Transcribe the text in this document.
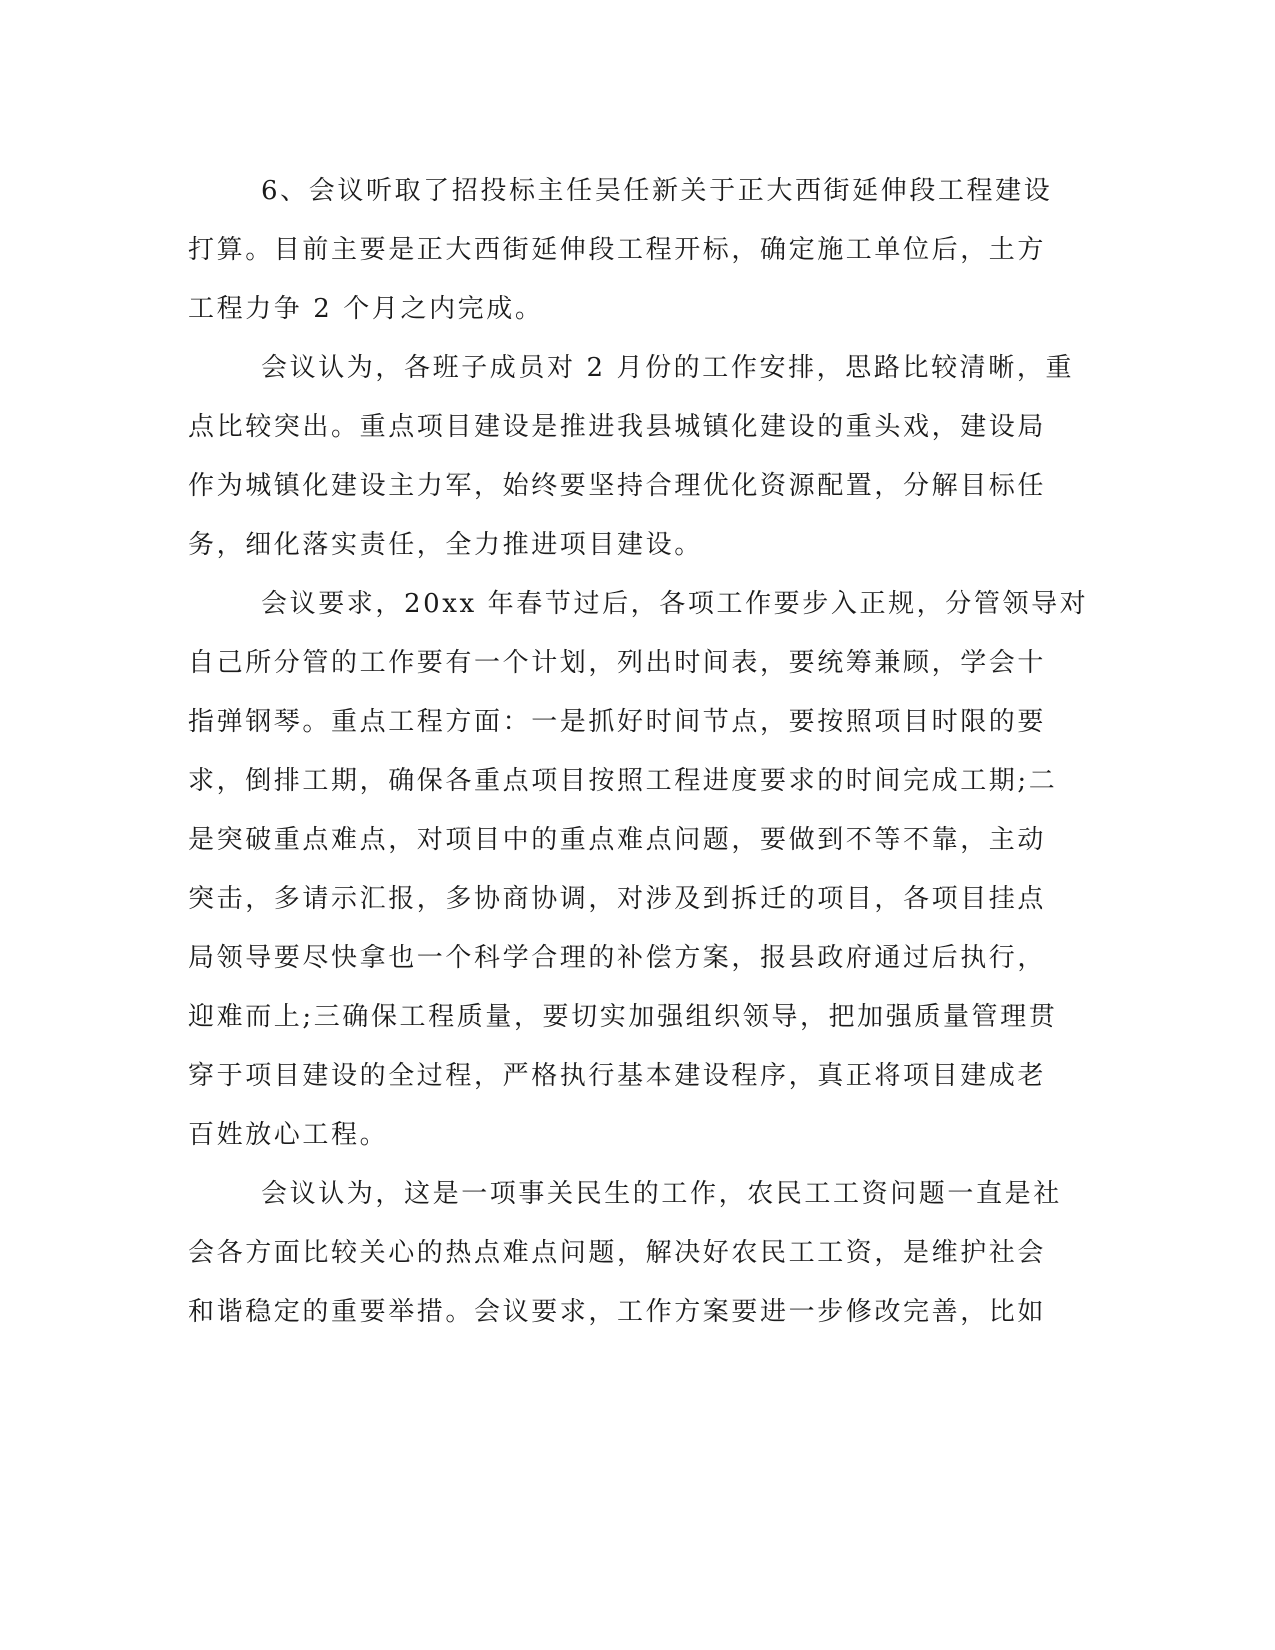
6、会议听取了招投标主任吴任新关于正大西街延伸段工程建设
打算。目前主要是正大西街延伸段工程开标，确定施工单位后，土方
工程力争 2 个月之内完成。
会议认为，各班子成员对 2 月份的工作安排，思路比较清晰，重
点比较突出。重点项目建设是推进我县城镇化建设的重头戏，建设局
作为城镇化建设主力军，始终要坚持合理优化资源配置，分解目标任
务，细化落实责任，全力推进项目建设。
会议要求，20xx 年春节过后，各项工作要步入正规，分管领导对
自己所分管的工作要有一个计划，列出时间表，要统筹兼顾，学会十
指弹钢琴。重点工程方面：一是抓好时间节点，要按照项目时限的要
求，倒排工期，确保各重点项目按照工程进度要求的时间完成工期;二
是突破重点难点，对项目中的重点难点问题，要做到不等不靠，主动
突击，多请示汇报，多协商协调，对涉及到拆迁的项目，各项目挂点
局领导要尽快拿也一个科学合理的补偿方案，报县政府通过后执行，
迎难而上;三确保工程质量，要切实加强组织领导，把加强质量管理贯
穿于项目建设的全过程，严格执行基本建设程序，真正将项目建成老
百姓放心工程。
会议认为，这是一项事关民生的工作，农民工工资问题一直是社
会各方面比较关心的热点难点问题，解决好农民工工资，是维护社会
和谐稳定的重要举措。会议要求，工作方案要进一步修改完善，比如
